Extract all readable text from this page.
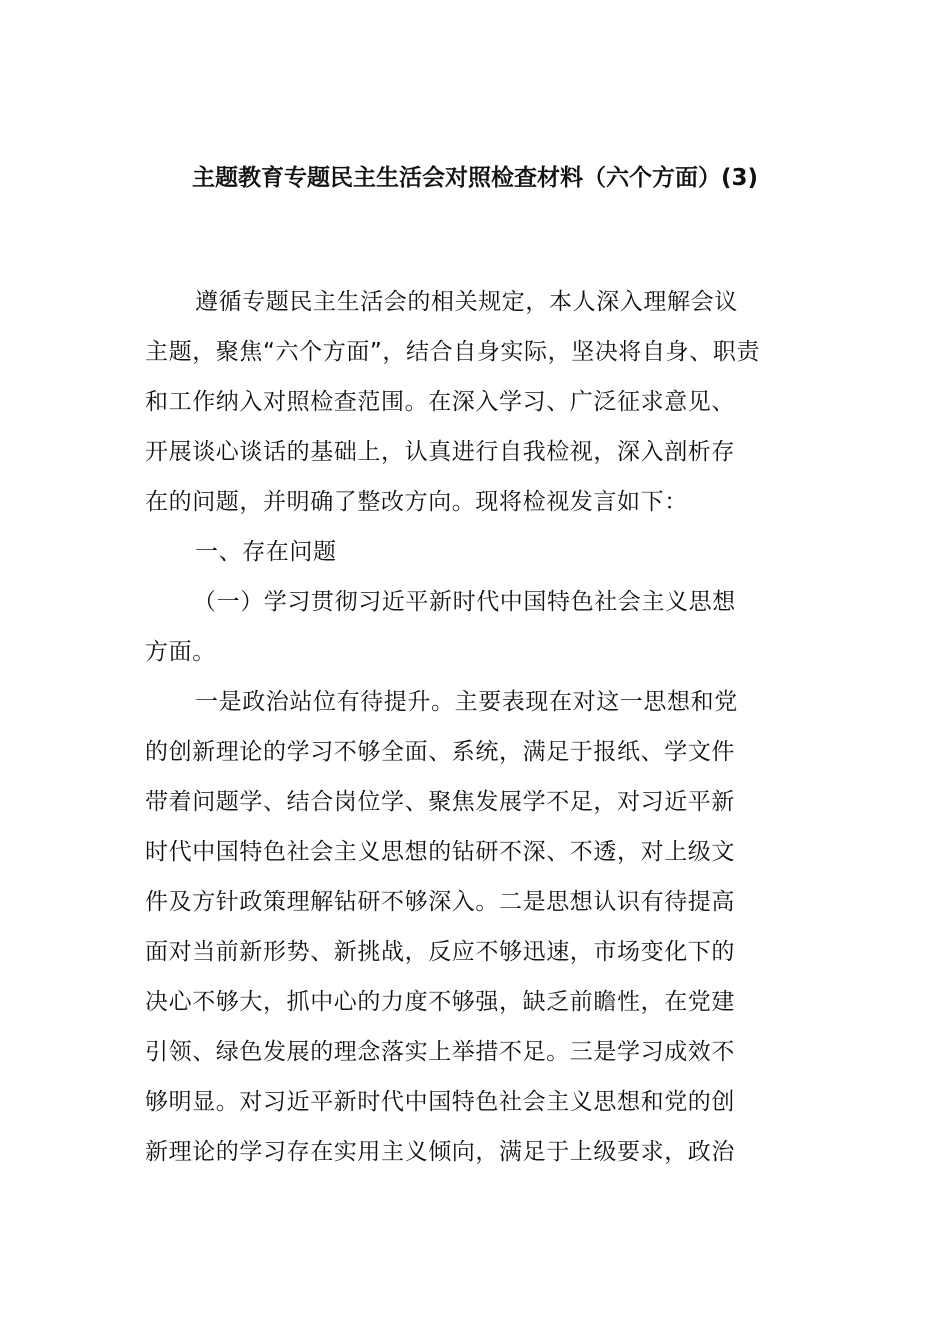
主题教育专题民主生活会对照检查材料（六个方面）(3)
遵循专题民主生活会的相关规定，本人深入理解会议
主题，聚焦“六个方面”，结合自身实际，坚决将自身、职责
和工作纳入对照检查范围。在深入学习、广泛征求意见、
开展谈心谈话的基础上，认真进行自我检视，深入剖析存
在的问题，并明确了整改方向。现将检视发言如下：
一、存在问题
（一）学习贯彻习近平新时代中国特色社会主义思想
方面。
一是政治站位有待提升。主要表现在对这一思想和党
的创新理论的学习不够全面、系统，满足于报纸、学文件
带着问题学、结合岗位学、聚焦发展学不足，对习近平新
时代中国特色社会主义思想的钻研不深、不透，对上级文
件及方针政策理解钻研不够深入。二是思想认识有待提高
面对当前新形势、新挑战，反应不够迅速，市场变化下的
决心不够大，抓中心的力度不够强，缺乏前瞻性，在党建
引领、绿色发展的理念落实上举措不足。三是学习成效不
够明显。对习近平新时代中国特色社会主义思想和党的创
新理论的学习存在实用主义倾向，满足于上级要求，政治
